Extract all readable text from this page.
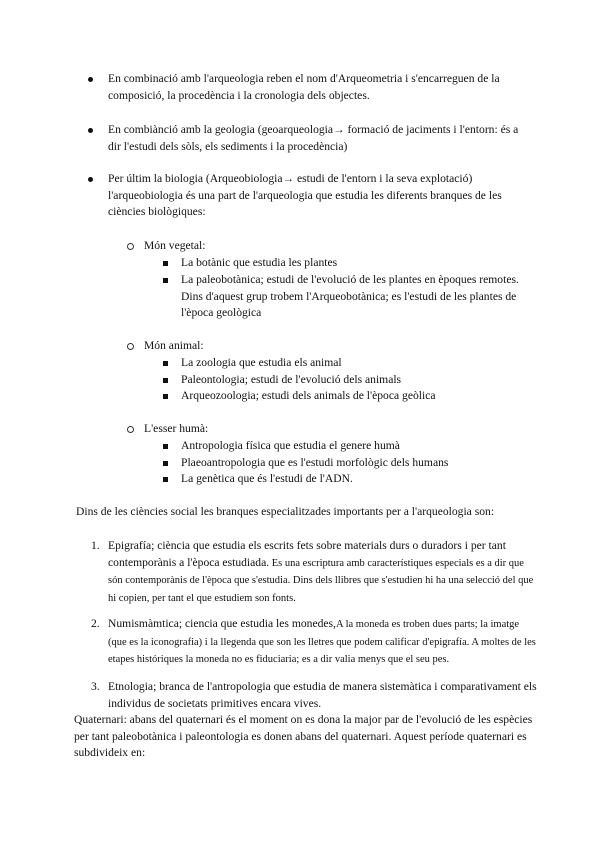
En combinació amb l'arqueologia reben el nom d'Arqueometria i s'encarreguen de la composició, la procedència i la cronologia dels objectes.

En combiànció amb la geologia (geoarqueologia→ formació de jaciments i l'entorn: és a dir l'estudi dels sòls, els sediments i la procedència)

Per últim la biologia (Arqueobiologia→ estudi de l'entorn i la seva explotació) l'arqueobiologia és una part de l'arqueologia que estudia les diferents branques de les ciències biològiques:

Món vegetal:

La botànic que estudia les plantes

La paleobotànica; estudi de l'evolució de les plantes en èpoques remotes. Dins d'aquest grup trobem l'Arqueobotànica; es l'estudi de les plantes de l'època geològica

Món animal:

La zoologia que estudia els animal

Paleontologia; estudi de l'evolució dels animals

Arqueozoologia; estudi dels animals de l'època geòlica

L'esser humà:

Antropologia física que estudia el genere humà

Plaeoantropologia que es l'estudi morfològic dels humans

La genètica que és l'estudi de l'ADN.

Dins de les ciències social les branques especialitzades importants per a l'arqueologia son:

1. Epigrafía; ciència que estudia els escrits fets sobre materials durs o duradors i per tant contemporànis a l'època estudiada. Es una escriptura amb característiques especials es a dir que són contemporànis de l'època que s'estudia. Dins dels llibres que s'estudien hi ha una selecció del que hi copien, per tant el que estudiem son fonts.

2. Numismàmtica; ciencia que estudia les monedes,A la moneda es troben dues parts; la imatge (que es la iconografia) i la llegenda que son les lletres que podem calificar d'epigrafía. A moltes de les etapes históriques la moneda no es fiduciaria; es a dir valia menys que el seu pes.

3. Etnologia; branca de l'antropologia que estudia de manera sistemàtica i comparativament els individus de societats primitives encara vives.

Quaternari: abans del quaternari és el moment on es dona la major par de l'evolució de les espècies per tant paleobotànica i paleontologia es donen abans del quaternari. Aquest període quaternari es subdivideix en:
